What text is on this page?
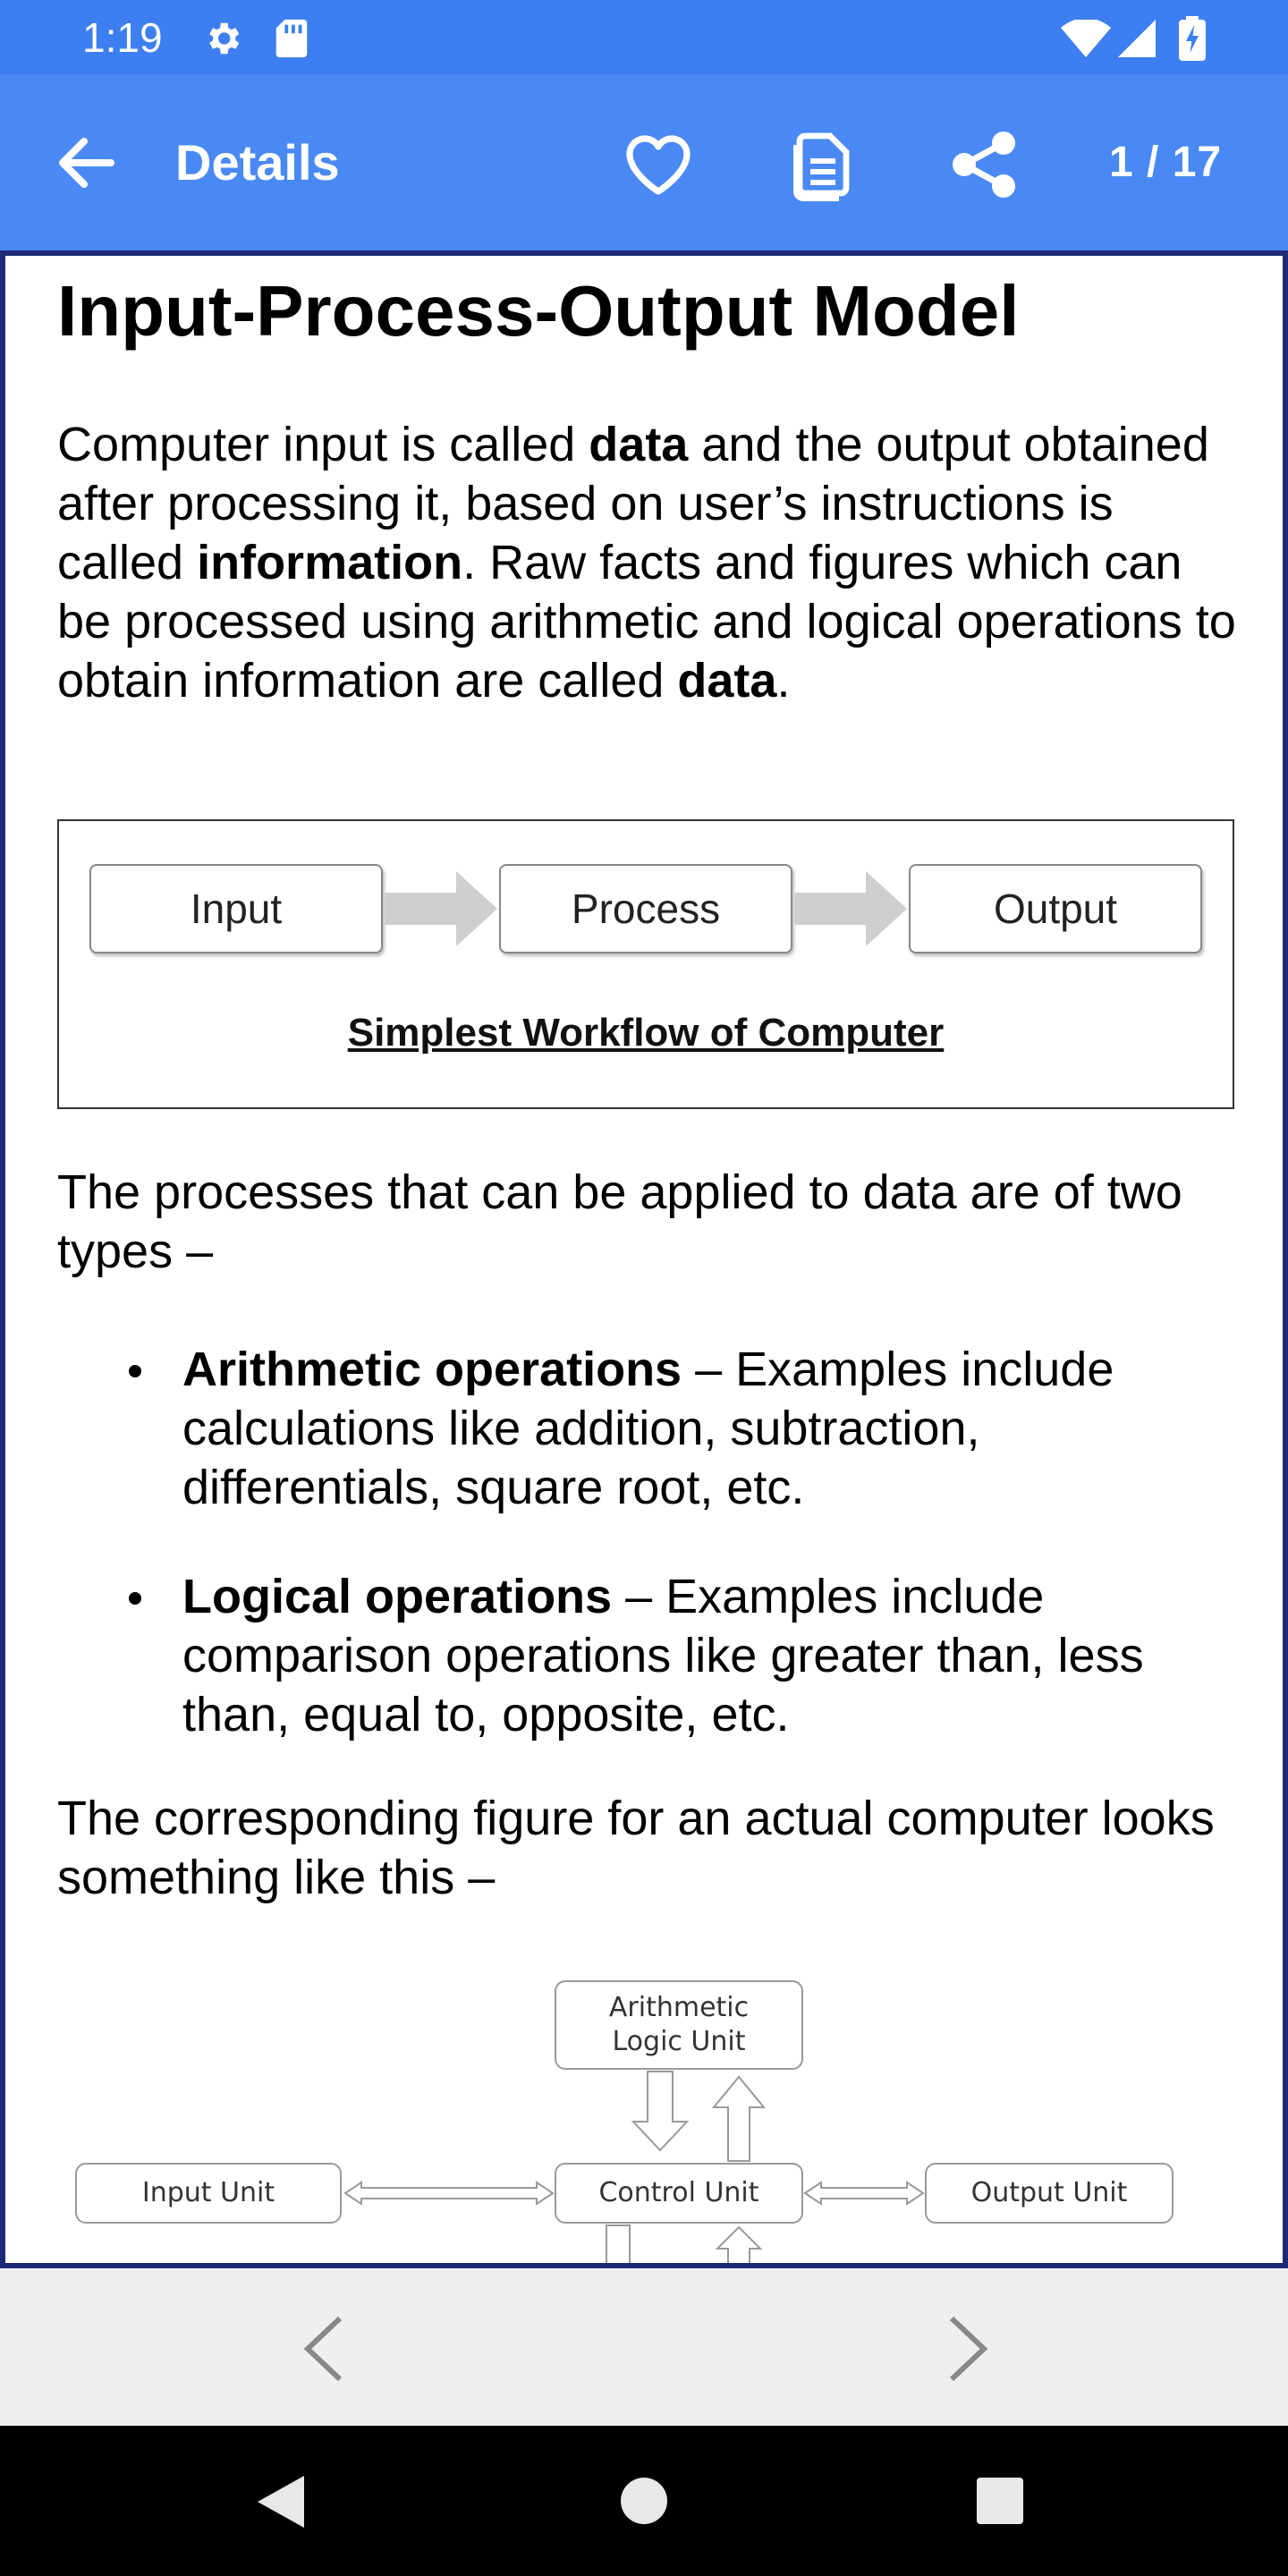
1:19
Details	1 / 17
Input-Process-Output Model

Computer input is called data and the output obtained after processing it, based on user’s instructions is called information. Raw facts and figures which can be processed using arithmetic and logical operations to obtain information are called data.

Input	Process	Output
Simplest Workflow of Computer

The processes that can be applied to data are of two types –

Arithmetic operations – Examples include calculations like addition, subtraction, differentials, square root, etc.
Logical operations – Examples include comparison operations like greater than, less than, equal to, opposite, etc.

The corresponding figure for an actual computer looks something like this –

Arithmetic
Logic Unit
Input Unit	Control Unit	Output Unit
